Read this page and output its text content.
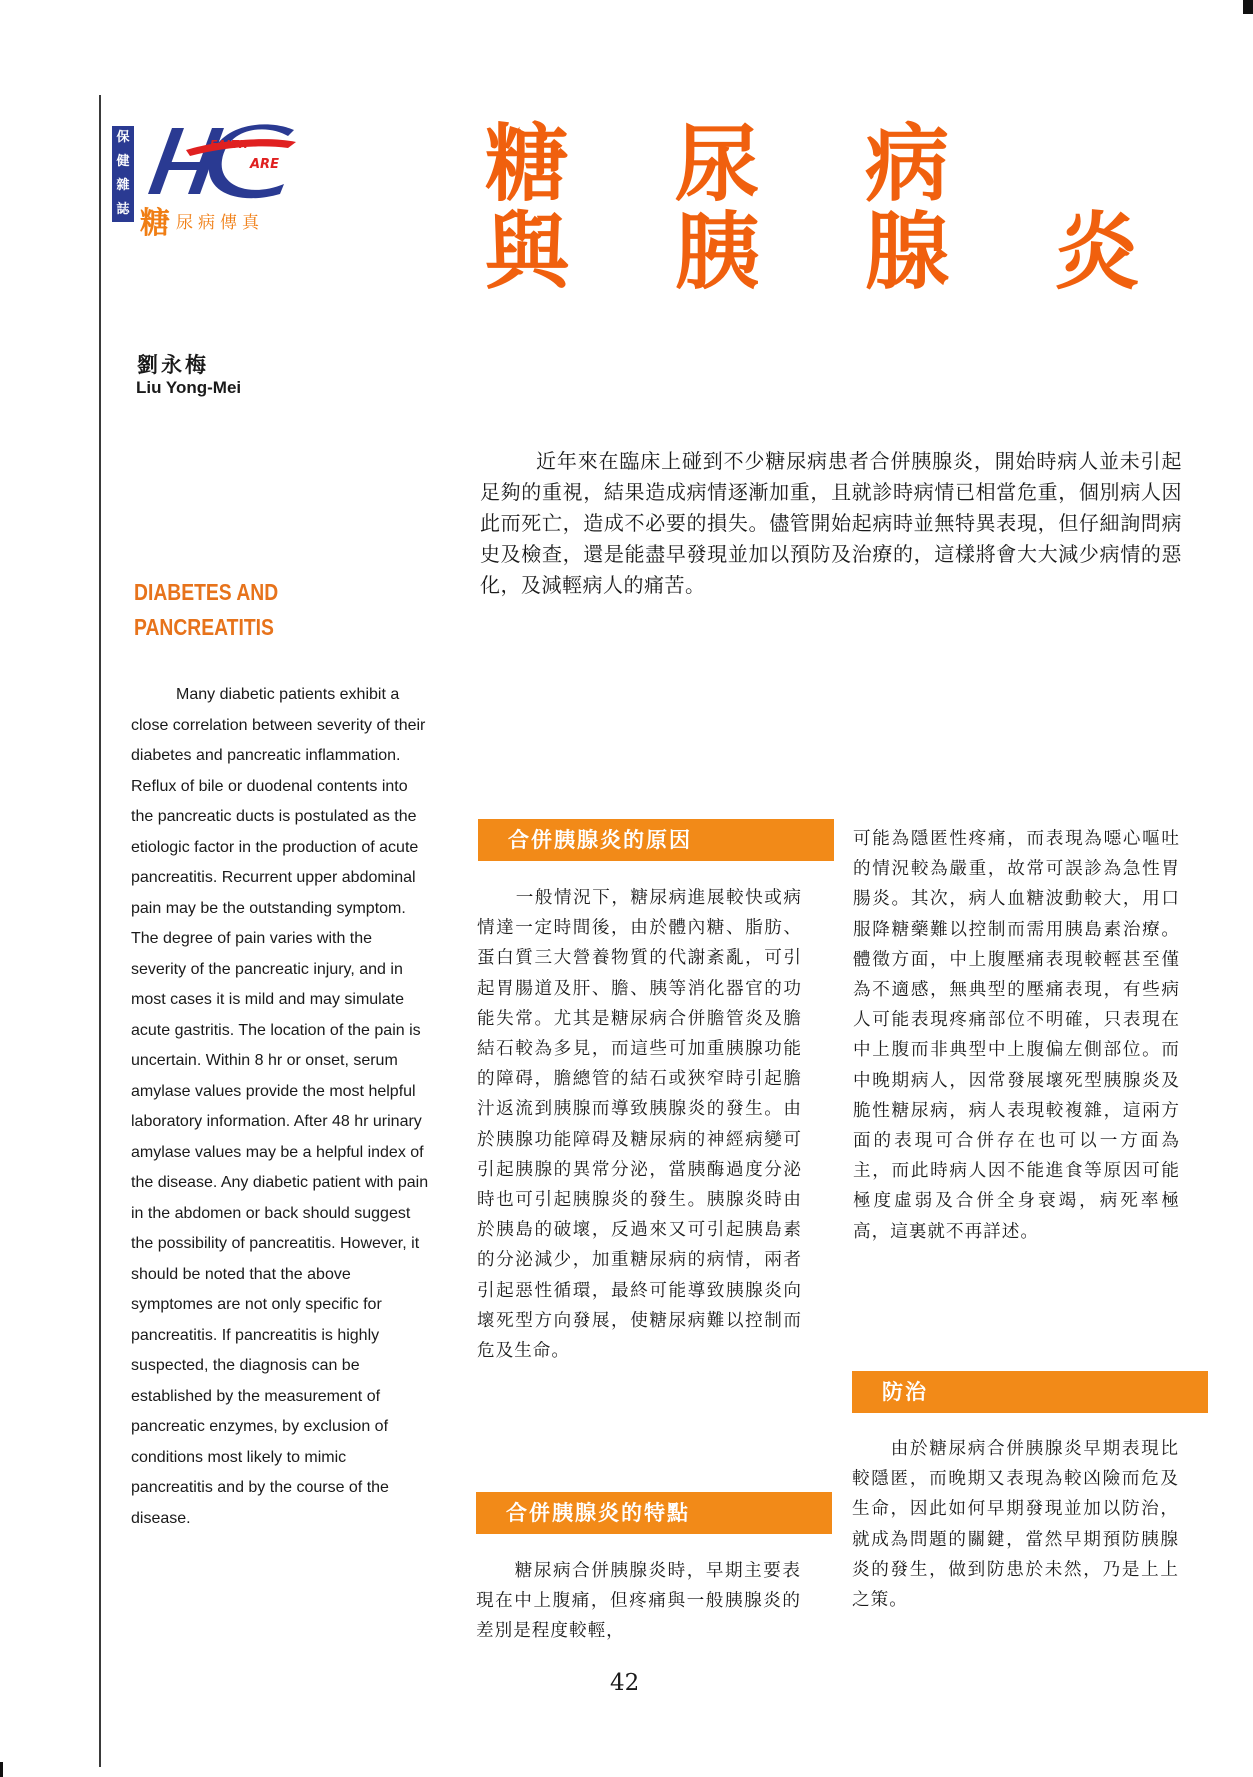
保
健
雜
誌
EALTH
ARE
糖尿病傳真
糖	尿	病
與	胰	腺	炎
劉永梅
Liu Yong-Mei
近年來在臨床上碰到不少糖尿病患者合併胰腺炎，開始時病人並未引起足夠的重視，結果造成病情逐漸加重，且就診時病情已相當危重，個別病人因此而死亡，造成不必要的損失。儘管開始起病時並無特異表現，但仔細詢問病史及檢查，還是能盡早發現並加以預防及治療的，這樣將會大大減少病情的惡化，及減輕病人的痛苦。
DIABETES AND
PANCREATITIS
Many diabetic patients exhibit a close correlation between severity of their diabetes and pancreatic inflammation. Reflux of bile or duodenal contents into the pancreatic ducts is postulated as the etiologic factor in the production of acute pancreatitis. Recurrent upper abdominal pain may be the outstanding symptom. The degree of pain varies with the severity of the pancreatic injury, and in most cases it is mild and may simulate acute gastritis. The location of the pain is uncertain. Within 8 hr or onset, serum amylase values provide the most helpful laboratory information. After 48 hr urinary amylase values may be a helpful index of the disease. Any diabetic patient with pain in the abdomen or back should suggest the possibility of pancreatitis. However, it should be noted that the above symptomes are not only specific for pancreatitis. If pancreatitis is highly suspected, the diagnosis can be established by the measurement of pancreatic enzymes, by exclusion of conditions most likely to mimic pancreatitis and by the course of the disease.
合併胰腺炎的原因

一般情況下，糖尿病進展較快或病情達一定時間後，由於體內糖、脂肪、蛋白質三大營養物質的代謝紊亂，可引起胃腸道及肝、膽、胰等消化器官的功能失常。尤其是糖尿病合併膽管炎及膽結石較為多見，而這些可加重胰腺功能的障碍，膽總管的結石或狹窄時引起膽汁返流到胰腺而導致胰腺炎的發生。由於胰腺功能障碍及糖尿病的神經病變可引起胰腺的異常分泌，當胰酶過度分泌時也可引起胰腺炎的發生。胰腺炎時由於胰島的破壞，反過來又可引起胰島素的分泌減少，加重糖尿病的病情，兩者引起惡性循環，最終可能導致胰腺炎向壞死型方向發展，使糖尿病難以控制而危及生命。

合併胰腺炎的特點

糖尿病合併胰腺炎時，早期主要表現在中上腹痛，但疼痛與一般胰腺炎的差別是程度較輕，

可能為隱匿性疼痛，而表現為噁心嘔吐的情況較為嚴重，故常可誤診為急性胃腸炎。其次，病人血糖波動較大，用口服降糖藥難以控制而需用胰島素治療。體徵方面，中上腹壓痛表現較輕甚至僅為不適感，無典型的壓痛表現，有些病人可能表現疼痛部位不明確，只表現在中上腹而非典型中上腹偏左側部位。而中晚期病人，因常發展壞死型胰腺炎及脆性糖尿病，病人表現較複雜，這兩方面的表現可合併存在也可以一方面為主，而此時病人因不能進食等原因可能極度虛弱及合併全身衰竭，病死率極高，這裏就不再詳述。

防治

由於糖尿病合併胰腺炎早期表現比較隱匿，而晚期又表現為較凶險而危及生命，因此如何早期發現並加以防治，就成為問題的關鍵，當然早期預防胰腺炎的發生，做到防患於未然，乃是上上之策。

42
